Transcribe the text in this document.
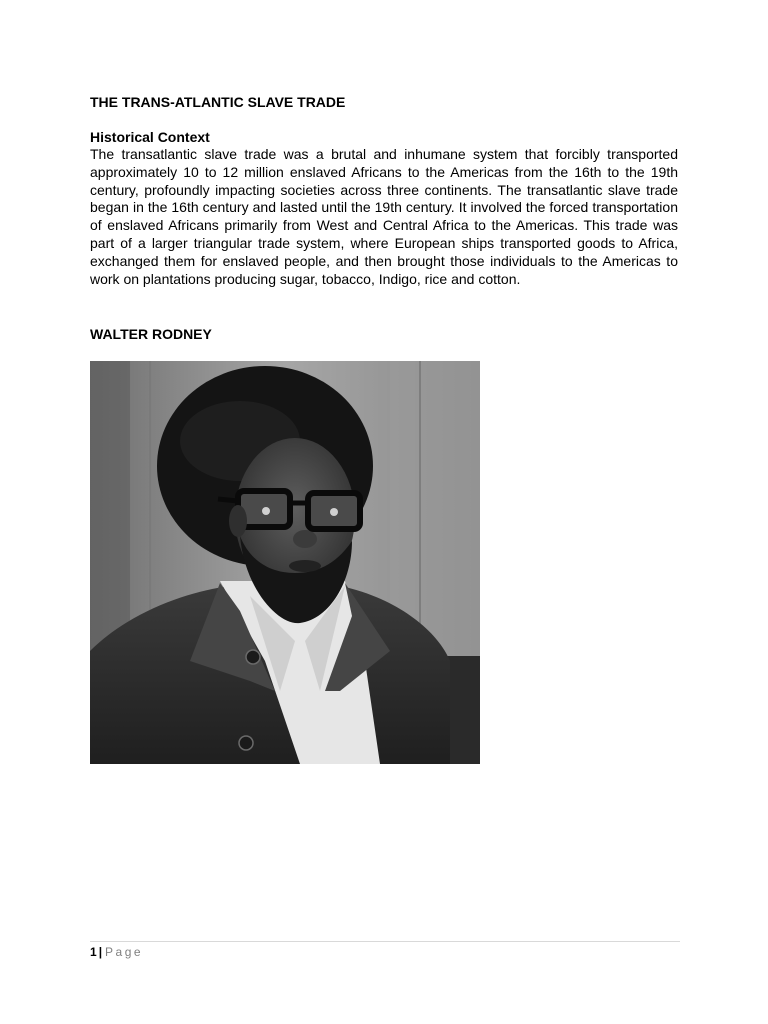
THE TRANS-ATLANTIC SLAVE TRADE
Historical Context

The transatlantic slave trade was a brutal and inhumane system that forcibly transported approximately 10 to 12 million enslaved Africans to the Americas from the 16th to the 19th century, profoundly impacting societies across three continents. The transatlantic slave trade began in the 16th century and lasted until the 19th century. It involved the forced transportation of enslaved Africans primarily from West and Central Africa to the Americas. This trade was part of a larger triangular trade system, where European ships transported goods to Africa, exchanged them for enslaved people, and then brought those individuals to the Americas to work on plantations producing sugar, tobacco, Indigo, rice and cotton.

WALTER RODNEY
1 | Page
